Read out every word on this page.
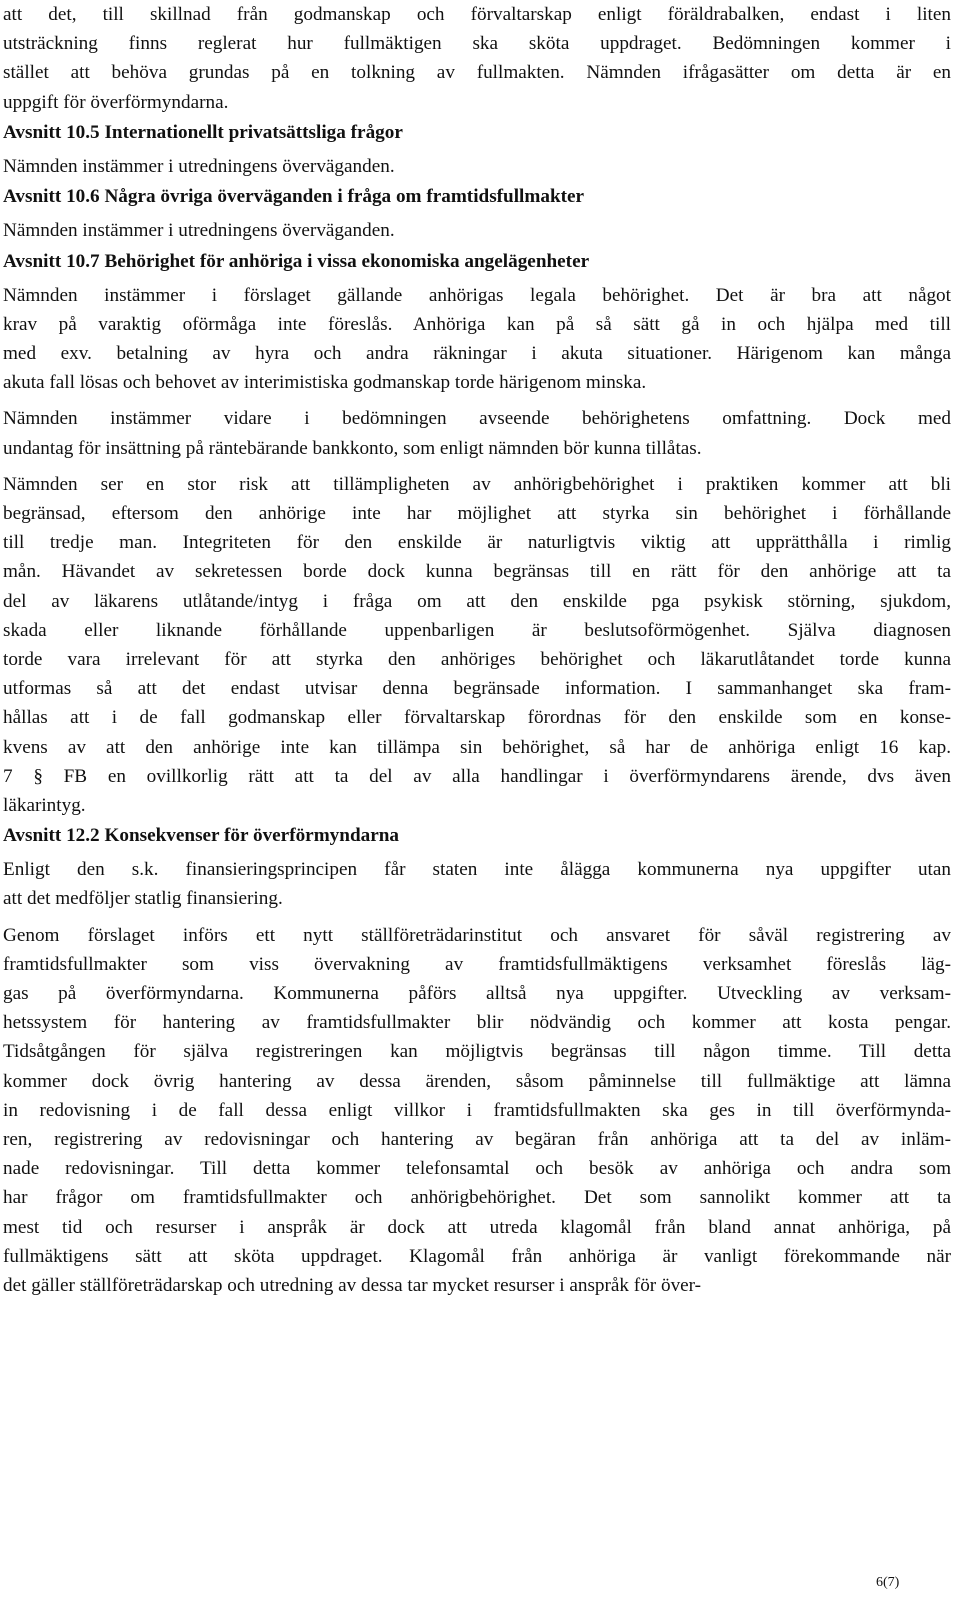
att det, till skillnad från godmanskap och förvaltarskap enligt föräldrabalken, endast i liten
utsträckning finns reglerat hur fullmäktigen ska sköta uppdraget. Bedömningen kommer i
stället att behöva grundas på en tolkning av fullmakten. Nämnden ifrågasätter om detta är en
uppgift för överförmyndarna.
Avsnitt 10.5 Internationellt privatsättsliga frågor
Nämnden instämmer i utredningens överväganden.
Avsnitt 10.6 Några övriga överväganden i fråga om framtidsfullmakter
Nämnden instämmer i utredningens överväganden.
Avsnitt 10.7 Behörighet för anhöriga i vissa ekonomiska angelägenheter
Nämnden instämmer i förslaget gällande anhörigas legala behörighet. Det är bra att något
krav på varaktig oförmåga inte föreslås. Anhöriga kan på så sätt gå in och hjälpa med till
med exv. betalning av hyra och andra räkningar i akuta situationer. Härigenom kan många
akuta fall lösas och behovet av interimistiska godmanskap torde härigenom minska.
Nämnden instämmer vidare i bedömningen avseende behörighetens omfattning. Dock med
undantag för insättning på räntebärande bankkonto, som enligt nämnden bör kunna tillåtas.
Nämnden ser en stor risk att tillämpligheten av anhörigbehörighet i praktiken kommer att bli
begränsad, eftersom den anhörige inte har möjlighet att styrka sin behörighet i förhållande
till tredje man. Integriteten för den enskilde är naturligtvis viktig att upprätthålla i rimlig
mån. Hävandet av sekretessen borde dock kunna begränsas till en rätt för den anhörige att ta
del av läkarens utlåtande/intyg i fråga om att den enskilde pga psykisk störning, sjukdom,
skada eller liknande förhållande uppenbarligen är beslutsoförmögenhet. Själva diagnosen
torde vara irrelevant för att styrka den anhöriges behörighet och läkarutlåtandet torde kunna
utformas så att det endast utvisar denna begränsade information. I sammanhanget ska fram-
hållas att i de fall godmanskap eller förvaltarskap förordnas för den enskilde som en konse-
kvens av att den anhörige inte kan tillämpa sin behörighet, så har de anhöriga enligt 16 kap.
7 § FB en ovillkorlig rätt att ta del av alla handlingar i överförmyndarens ärende, dvs även
läkarintyg.
Avsnitt 12.2 Konsekvenser för överförmyndarna
Enligt den s.k. finansieringsprincipen får staten inte ålägga kommunerna nya uppgifter utan
att det medföljer statlig finansiering.
Genom förslaget införs ett nytt ställföreträdarinstitut och ansvaret för såväl registrering av
framtidsfullmakter som viss övervakning av framtidsfullmäktigens verksamhet föreslås läg-
gas på överförmyndarna. Kommunerna påförs alltså nya uppgifter. Utveckling av verksam-
hetssystem för hantering av framtidsfullmakter blir nödvändig och kommer att kosta pengar.
Tidsåtgången för själva registreringen kan möjligtvis begränsas till någon timme. Till detta
kommer dock övrig hantering av dessa ärenden, såsom påminnelse till fullmäktige att lämna
in redovisning i de fall dessa enligt villkor i framtidsfullmakten ska ges in till överförmynda-
ren, registrering av redovisningar och hantering av begäran från anhöriga att ta del av inläm-
nade redovisningar. Till detta kommer telefonsamtal och besök av anhöriga och andra som
har frågor om framtidsfullmakter och anhörigbehörighet. Det som sannolikt kommer att ta
mest tid och resurser i anspråk är dock att utreda klagomål från bland annat anhöriga, på
fullmäktigens sätt att sköta uppdraget. Klagomål från anhöriga är vanligt förekommande när
det gäller ställföreträdarskap och utredning av dessa tar mycket resurser i anspråk för över-
6(7)
